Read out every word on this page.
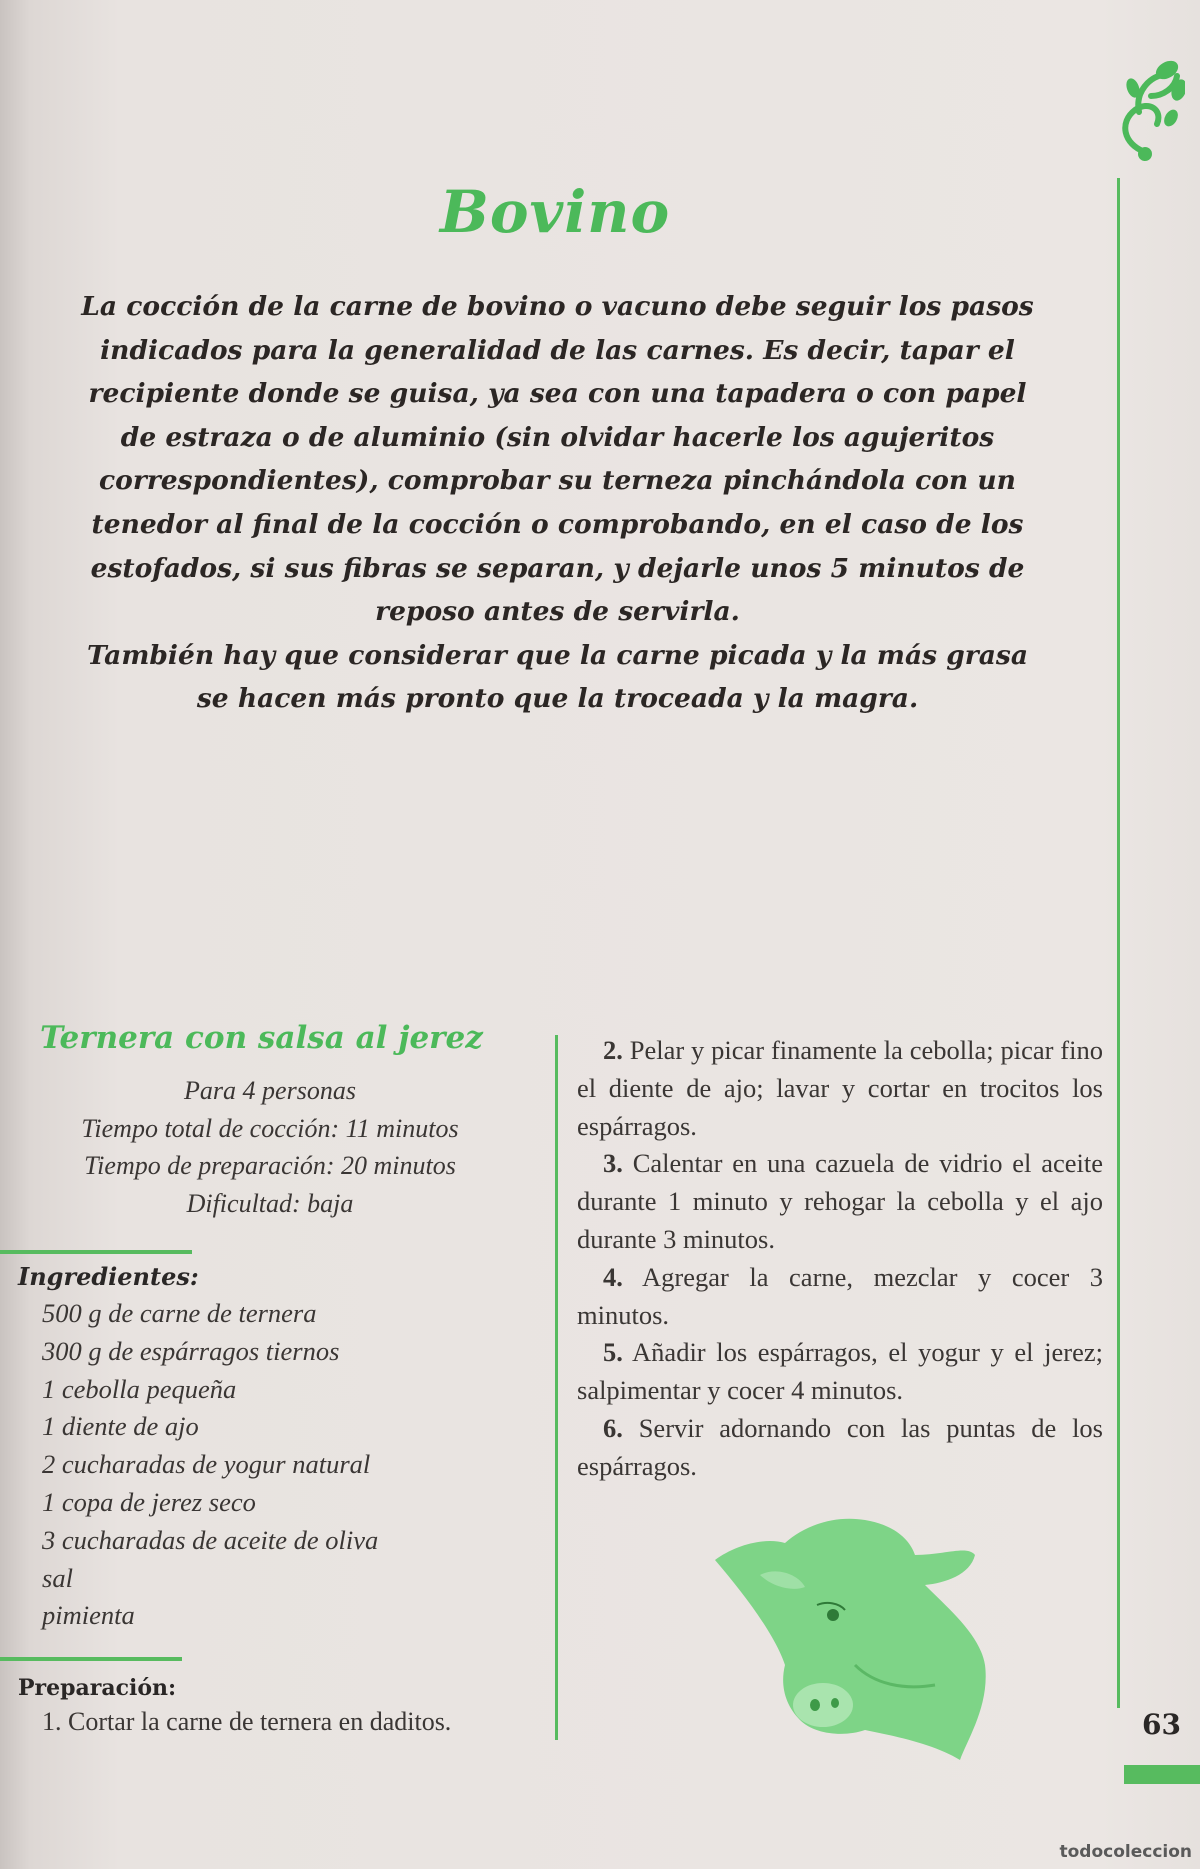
Bovino

La cocción de la carne de bovino o vacuno debe seguir los pasos indicados para la generalidad de las carnes. Es decir, tapar el recipiente donde se guisa, ya sea con una tapadera o con papel de estraza o de aluminio (sin olvidar hacerle los agujeritos correspondientes), comprobar su terneza pinchándola con un tenedor al final de la cocción o comprobando, en el caso de los estofados, si sus fibras se separan, y dejarle unos 5 minutos de reposo antes de servirla.

También hay que considerar que la carne picada y la más grasa se hacen más pronto que la troceada y la magra.

Ternera con salsa al jerez
Para 4 personas
Tiempo total de cocción: 11 minutos
Tiempo de preparación: 20 minutos
Dificultad: baja
Ingredientes:
500 g de carne de ternera
300 g de espárragos tiernos
1 cebolla pequeña
1 diente de ajo
2 cucharadas de yogur natural
1 copa de jerez seco
3 cucharadas de aceite de oliva
sal
pimienta
Preparación:
1. Cortar la carne de ternera en daditos.

2. Pelar y picar finamente la cebolla; picar fino el diente de ajo; lavar y cortar en trocitos los espárragos.

3. Calentar en una cazuela de vidrio el aceite durante 1 minuto y rehogar la cebolla y el ajo durante 3 minutos.

4. Agregar la carne, mezclar y cocer 3 minutos.

5. Añadir los espárragos, el yogur y el jerez; salpimentar y cocer 4 minutos.

6. Servir adornando con las puntas de los espárragos.

63
todocoleccion
